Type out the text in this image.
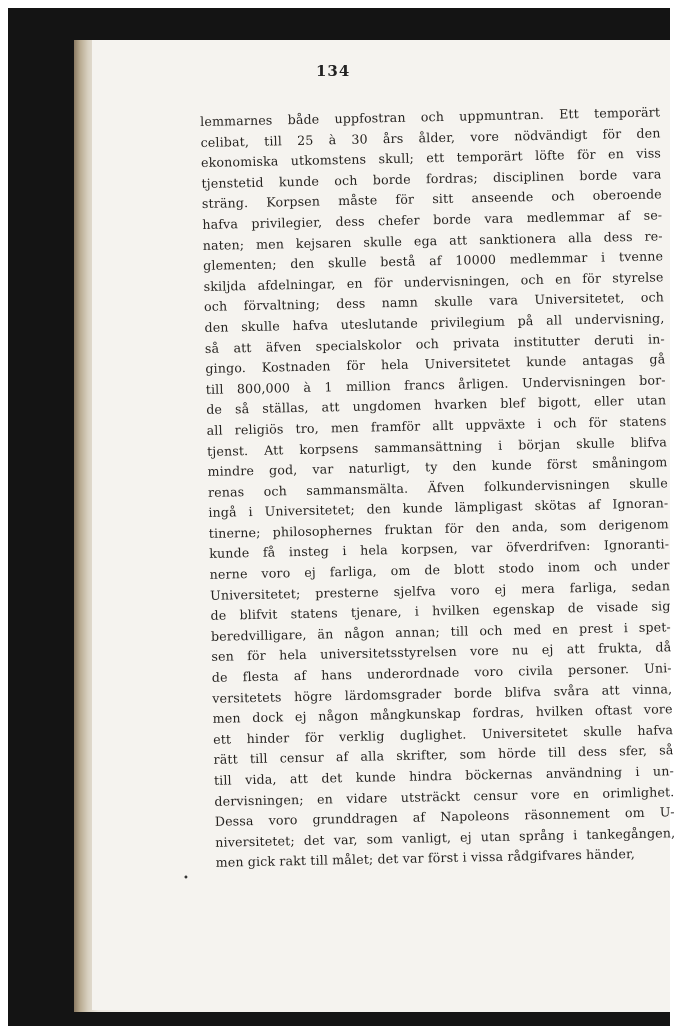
134
lemmarnes både uppfostran och uppmuntran. Ett temporärt
celibat, till 25 à 30 års ålder, vore nödvändigt för den
ekonomiska utkomstens skull; ett temporärt löfte för en viss
tjenstetid kunde och borde fordras; disciplinen borde vara
sträng. Korpsen måste för sitt anseende och oberoende
hafva privilegier, dess chefer borde vara medlemmar af se-
naten; men kejsaren skulle ega att sanktionera alla dess re-
glementen; den skulle bestå af 10000 medlemmar i tvenne
skiljda afdelningar, en för undervisningen, och en för styrelse
och förvaltning; dess namn skulle vara Universitetet, och
den skulle hafva uteslutande privilegium på all undervisning,
så att äfven specialskolor och privata institutter deruti in-
gingo. Kostnaden för hela Universitetet kunde antagas gå
till 800,000 à 1 million francs årligen. Undervisningen bor-
de så ställas, att ungdomen hvarken blef bigott, eller utan
all religiös tro, men framför allt uppväxte i och för statens
tjenst. Att korpsens sammansättning i början skulle blifva
mindre god, var naturligt, ty den kunde först småningom
renas och sammansmälta. Äfven folkundervisningen skulle
ingå i Universitetet; den kunde lämpligast skötas af Ignoran-
tinerne; philosophernes fruktan för den anda, som derigenom
kunde få insteg i hela korpsen, var öfverdrifven: Ignoranti-
nerne voro ej farliga, om de blott stodo inom och under
Universitetet; presterne sjelfva voro ej mera farliga, sedan
de blifvit statens tjenare, i hvilken egenskap de visade sig
beredvilligare, än någon annan; till och med en prest i spet-
sen för hela universitetsstyrelsen vore nu ej att frukta, då
de flesta af hans underordnade voro civila personer. Uni-
versitetets högre lärdomsgrader borde blifva svåra att vinna,
men dock ej någon mångkunskap fordras, hvilken oftast vore
ett hinder för verklig duglighet. Universitetet skulle hafva
rätt till censur af alla skrifter, som hörde till dess sfer, så
till vida, att det kunde hindra böckernas användning i un-
dervisningen; en vidare utsträckt censur vore en orimlighet.
Dessa voro grunddragen af Napoleons räsonnement om U-
niversitetet; det var, som vanligt, ej utan språng i tankegången,
men gick rakt till målet; det var först i vissa rådgifvares händer,
•
